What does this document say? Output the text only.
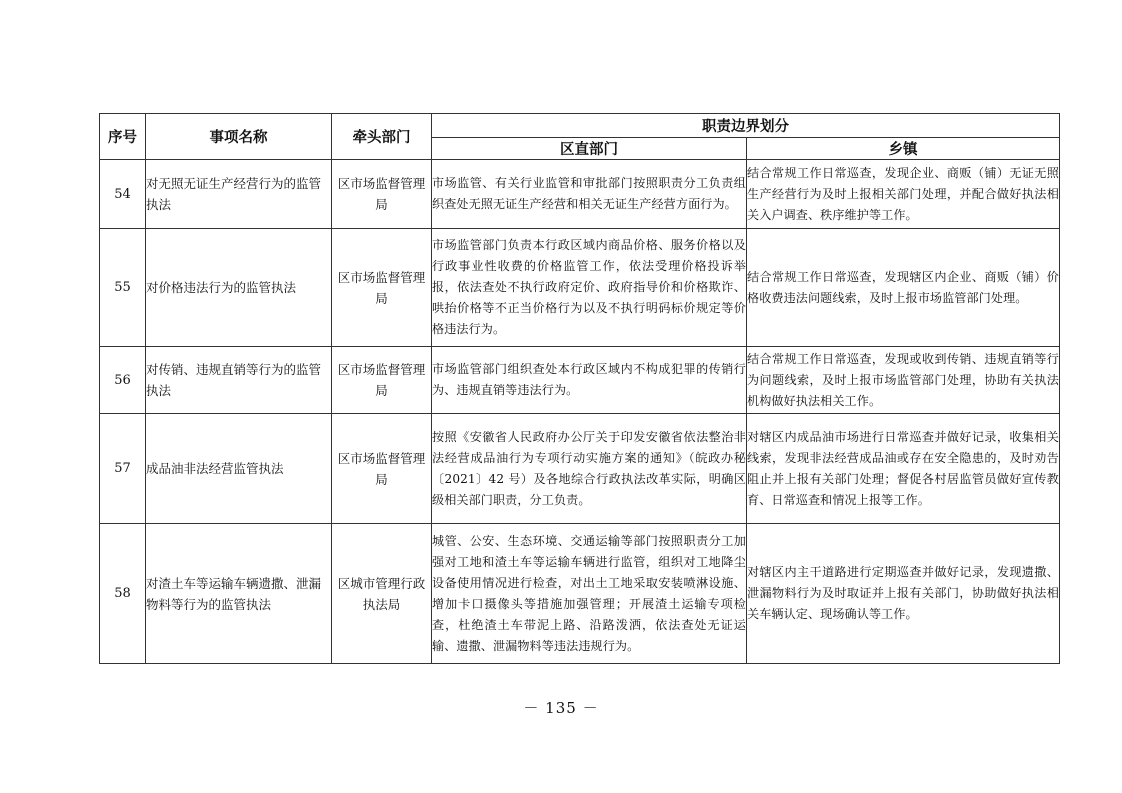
序号	事项名称	牵头部门	职责边界划分	
			区直部门	乡镇
54	对无照无证生产经营行为的监管执法	区市场监督管理局	市场监管、有关行业监管和审批部门按照职责分工负责组织查处无照无证生产经营和相关无证生产经营方面行为。	结合常规工作日常巡查，发现企业、商贩（铺）无证无照生产经营行为及时上报相关部门处理，并配合做好执法相关入户调查、秩序维护等工作。
55	对价格违法行为的监管执法	区市场监督管理局	市场监管部门负责本行政区域内商品价格、服务价格以及行政事业性收费的价格监管工作，依法受理价格投诉举报，依法查处不执行政府定价、政府指导价和价格欺诈、哄抬价格等不正当价格行为以及不执行明码标价规定等价格违法行为。	结合常规工作日常巡查，发现辖区内企业、商贩（铺）价格收费违法问题线索，及时上报市场监管部门处理。
56	对传销、违规直销等行为的监管执法	区市场监督管理局	市场监管部门组织查处本行政区域内不构成犯罪的传销行为、违规直销等违法行为。	结合常规工作日常巡查，发现或收到传销、违规直销等行为问题线索，及时上报市场监管部门处理，协助有关执法机构做好执法相关工作。
57	成品油非法经营监管执法	区市场监督管理局	按照《安徽省人民政府办公厅关于印发安徽省依法整治非法经营成品油行为专项行动实施方案的通知》（皖政办秘〔2021〕42 号）及各地综合行政执法改革实际，明确区级相关部门职责，分工负责。	对辖区内成品油市场进行日常巡查并做好记录，收集相关线索，发现非法经营成品油或存在安全隐患的，及时劝告阻止并上报有关部门处理；督促各村居监管员做好宣传教育、日常巡查和情况上报等工作。
58	对渣土车等运输车辆遗撒、泄漏物料等行为的监管执法	区城市管理行政执法局	城管、公安、生态环境、交通运输等部门按照职责分工加强对工地和渣土车等运输车辆进行监管，组织对工地降尘设备使用情况进行检查，对出土工地采取安装喷淋设施、增加卡口摄像头等措施加强管理；开展渣土运输专项检查，杜绝渣土车带泥上路、沿路泼洒，依法查处无证运输、遗撒、泄漏物料等违法违规行为。	对辖区内主干道路进行定期巡查并做好记录，发现遗撒、泄漏物料行为及时取证并上报有关部门，协助做好执法相关车辆认定、现场确认等工作。
－ 135 －
